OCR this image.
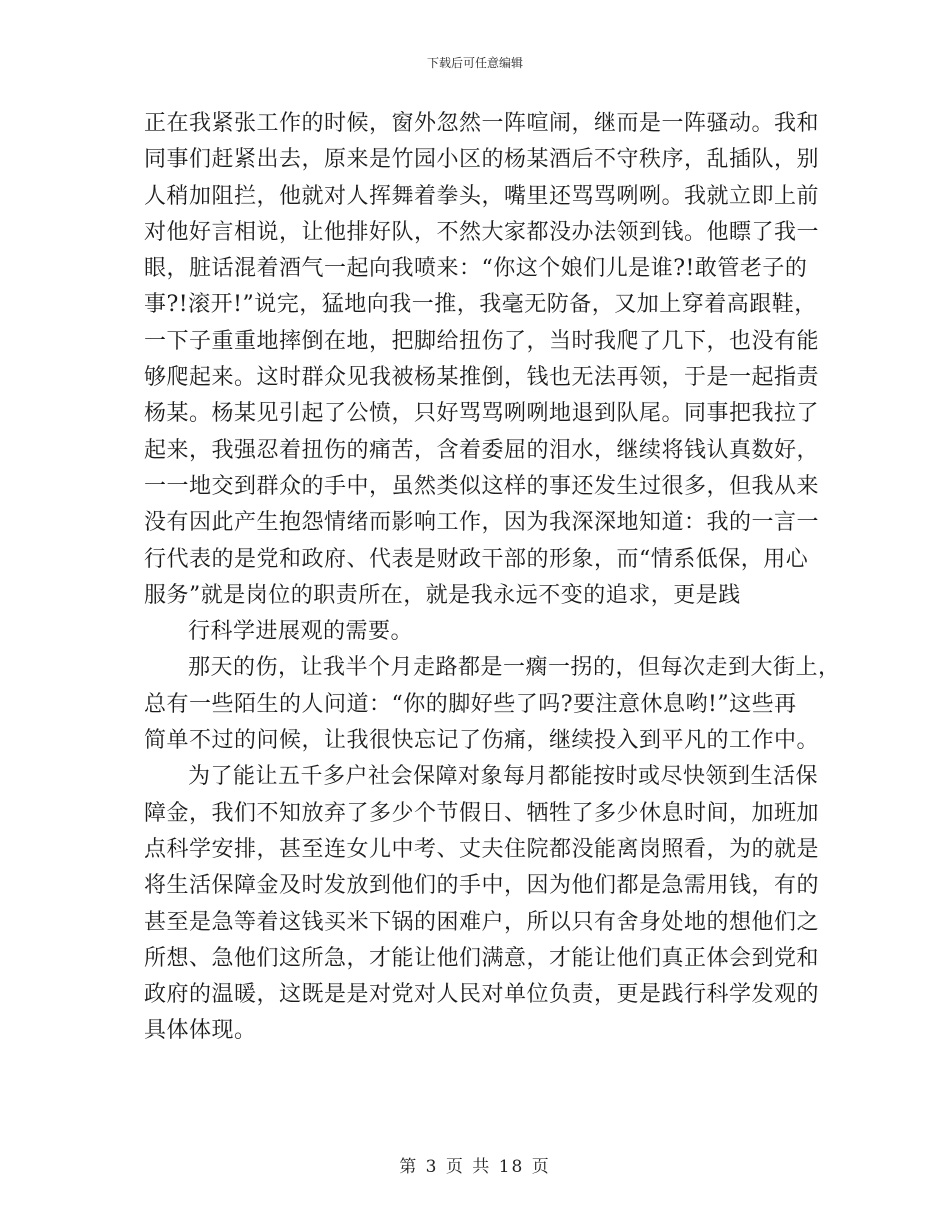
下载后可任意编辑
正在我紧张工作的时候，窗外忽然一阵喧闹，继而是一阵骚动。我和
同事们赶紧出去，原来是竹园小区的杨某酒后不守秩序，乱插队，别
人稍加阻拦，他就对人挥舞着拳头，嘴里还骂骂咧咧。我就立即上前
对他好言相说，让他排好队，不然大家都没办法领到钱。他瞟了我一
眼，脏话混着酒气一起向我喷来：“你这个娘们儿是谁?!敢管老子的
事?!滚开!”说完，猛地向我一推，我毫无防备，又加上穿着高跟鞋，
一下子重重地摔倒在地，把脚给扭伤了，当时我爬了几下，也没有能
够爬起来。这时群众见我被杨某推倒，钱也无法再领，于是一起指责
杨某。杨某见引起了公愤，只好骂骂咧咧地退到队尾。同事把我拉了
起来，我强忍着扭伤的痛苦，含着委屈的泪水，继续将钱认真数好，
一一地交到群众的手中，虽然类似这样的事还发生过很多，但我从来
没有因此产生抱怨情绪而影响工作，因为我深深地知道：我的一言一
行代表的是党和政府、代表是财政干部的形象，而“情系低保，用心
服务”就是岗位的职责所在，就是我永远不变的追求，更是践
行科学进展观的需要。
那天的伤，让我半个月走路都是一瘸一拐的，但每次走到大街上，
总有一些陌生的人问道：“你的脚好些了吗?要注意休息哟!”这些再
简单不过的问候，让我很快忘记了伤痛，继续投入到平凡的工作中。
为了能让五千多户社会保障对象每月都能按时或尽快领到生活保
障金，我们不知放弃了多少个节假日、牺牲了多少休息时间，加班加
点科学安排，甚至连女儿中考、丈夫住院都没能离岗照看，为的就是
将生活保障金及时发放到他们的手中，因为他们都是急需用钱，有的
甚至是急等着这钱买米下锅的困难户，所以只有舍身处地的想他们之
所想、急他们这所急，才能让他们满意，才能让他们真正体会到党和
政府的温暖，这既是是对党对人民对单位负责，更是践行科学发观的
具体体现。
第 3 页 共 18 页
